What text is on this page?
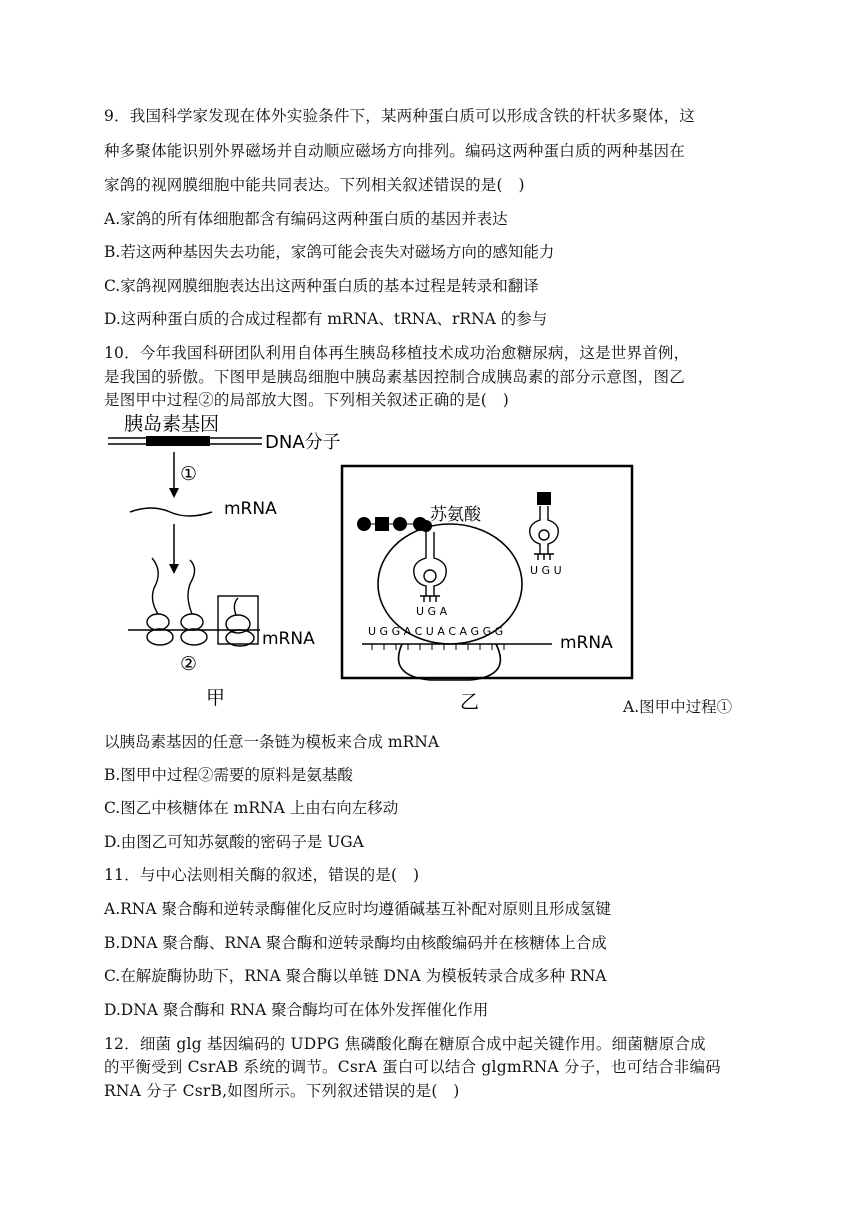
9．我国科学家发现在体外实验条件下，某两种蛋白质可以形成含铁的杆状多聚体，这
种多聚体能识别外界磁场并自动顺应磁场方向排列。编码这两种蛋白质的两种基因在
家鸽的视网膜细胞中能共同表达。下列相关叙述错误的是(　)
A.家鸽的所有体细胞都含有编码这两种蛋白质的基因并表达
B.若这两种基因失去功能，家鸽可能会丧失对磁场方向的感知能力
C.家鸽视网膜细胞表达出这两种蛋白质的基本过程是转录和翻译
D.这两种蛋白质的合成过程都有 mRNA、tRNA、rRNA 的参与
10．今年我国科研团队利用自体再生胰岛移植技术成功治愈糖尿病，这是世界首例，
是我国的骄傲。下图甲是胰岛细胞中胰岛素基因控制合成胰岛素的部分示意图，图乙
是图甲中过程②的局部放大图。下列相关叙述正确的是(　)
胰岛素基因
DNA分子
①
mRNA
mRNA
②
甲
U G G A C U A C A G G G
mRNA
苏氨酸
U G A
U G U
乙	A.图甲中过程①
以胰岛素基因的任意一条链为模板来合成 mRNA
B.图甲中过程②需要的原料是氨基酸
C.图乙中核糖体在 mRNA 上由右向左移动
D.由图乙可知苏氨酸的密码子是 UGA
11．与中心法则相关酶的叙述，错误的是(　)
A.RNA 聚合酶和逆转录酶催化反应时均遵循碱基互补配对原则且形成氢键
B.DNA 聚合酶、RNA 聚合酶和逆转录酶均由核酸编码并在核糖体上合成
C.在解旋酶协助下，RNA 聚合酶以单链 DNA 为模板转录合成多种 RNA
D.DNA 聚合酶和 RNA 聚合酶均可在体外发挥催化作用
12．细菌 glg 基因编码的 UDPG 焦磷酸化酶在糖原合成中起关键作用。细菌糖原合成
的平衡受到 CsrAB 系统的调节。CsrA 蛋白可以结合 glgmRNA 分子，也可结合非编码
RNA 分子 CsrB,如图所示。下列叙述错误的是(　)
